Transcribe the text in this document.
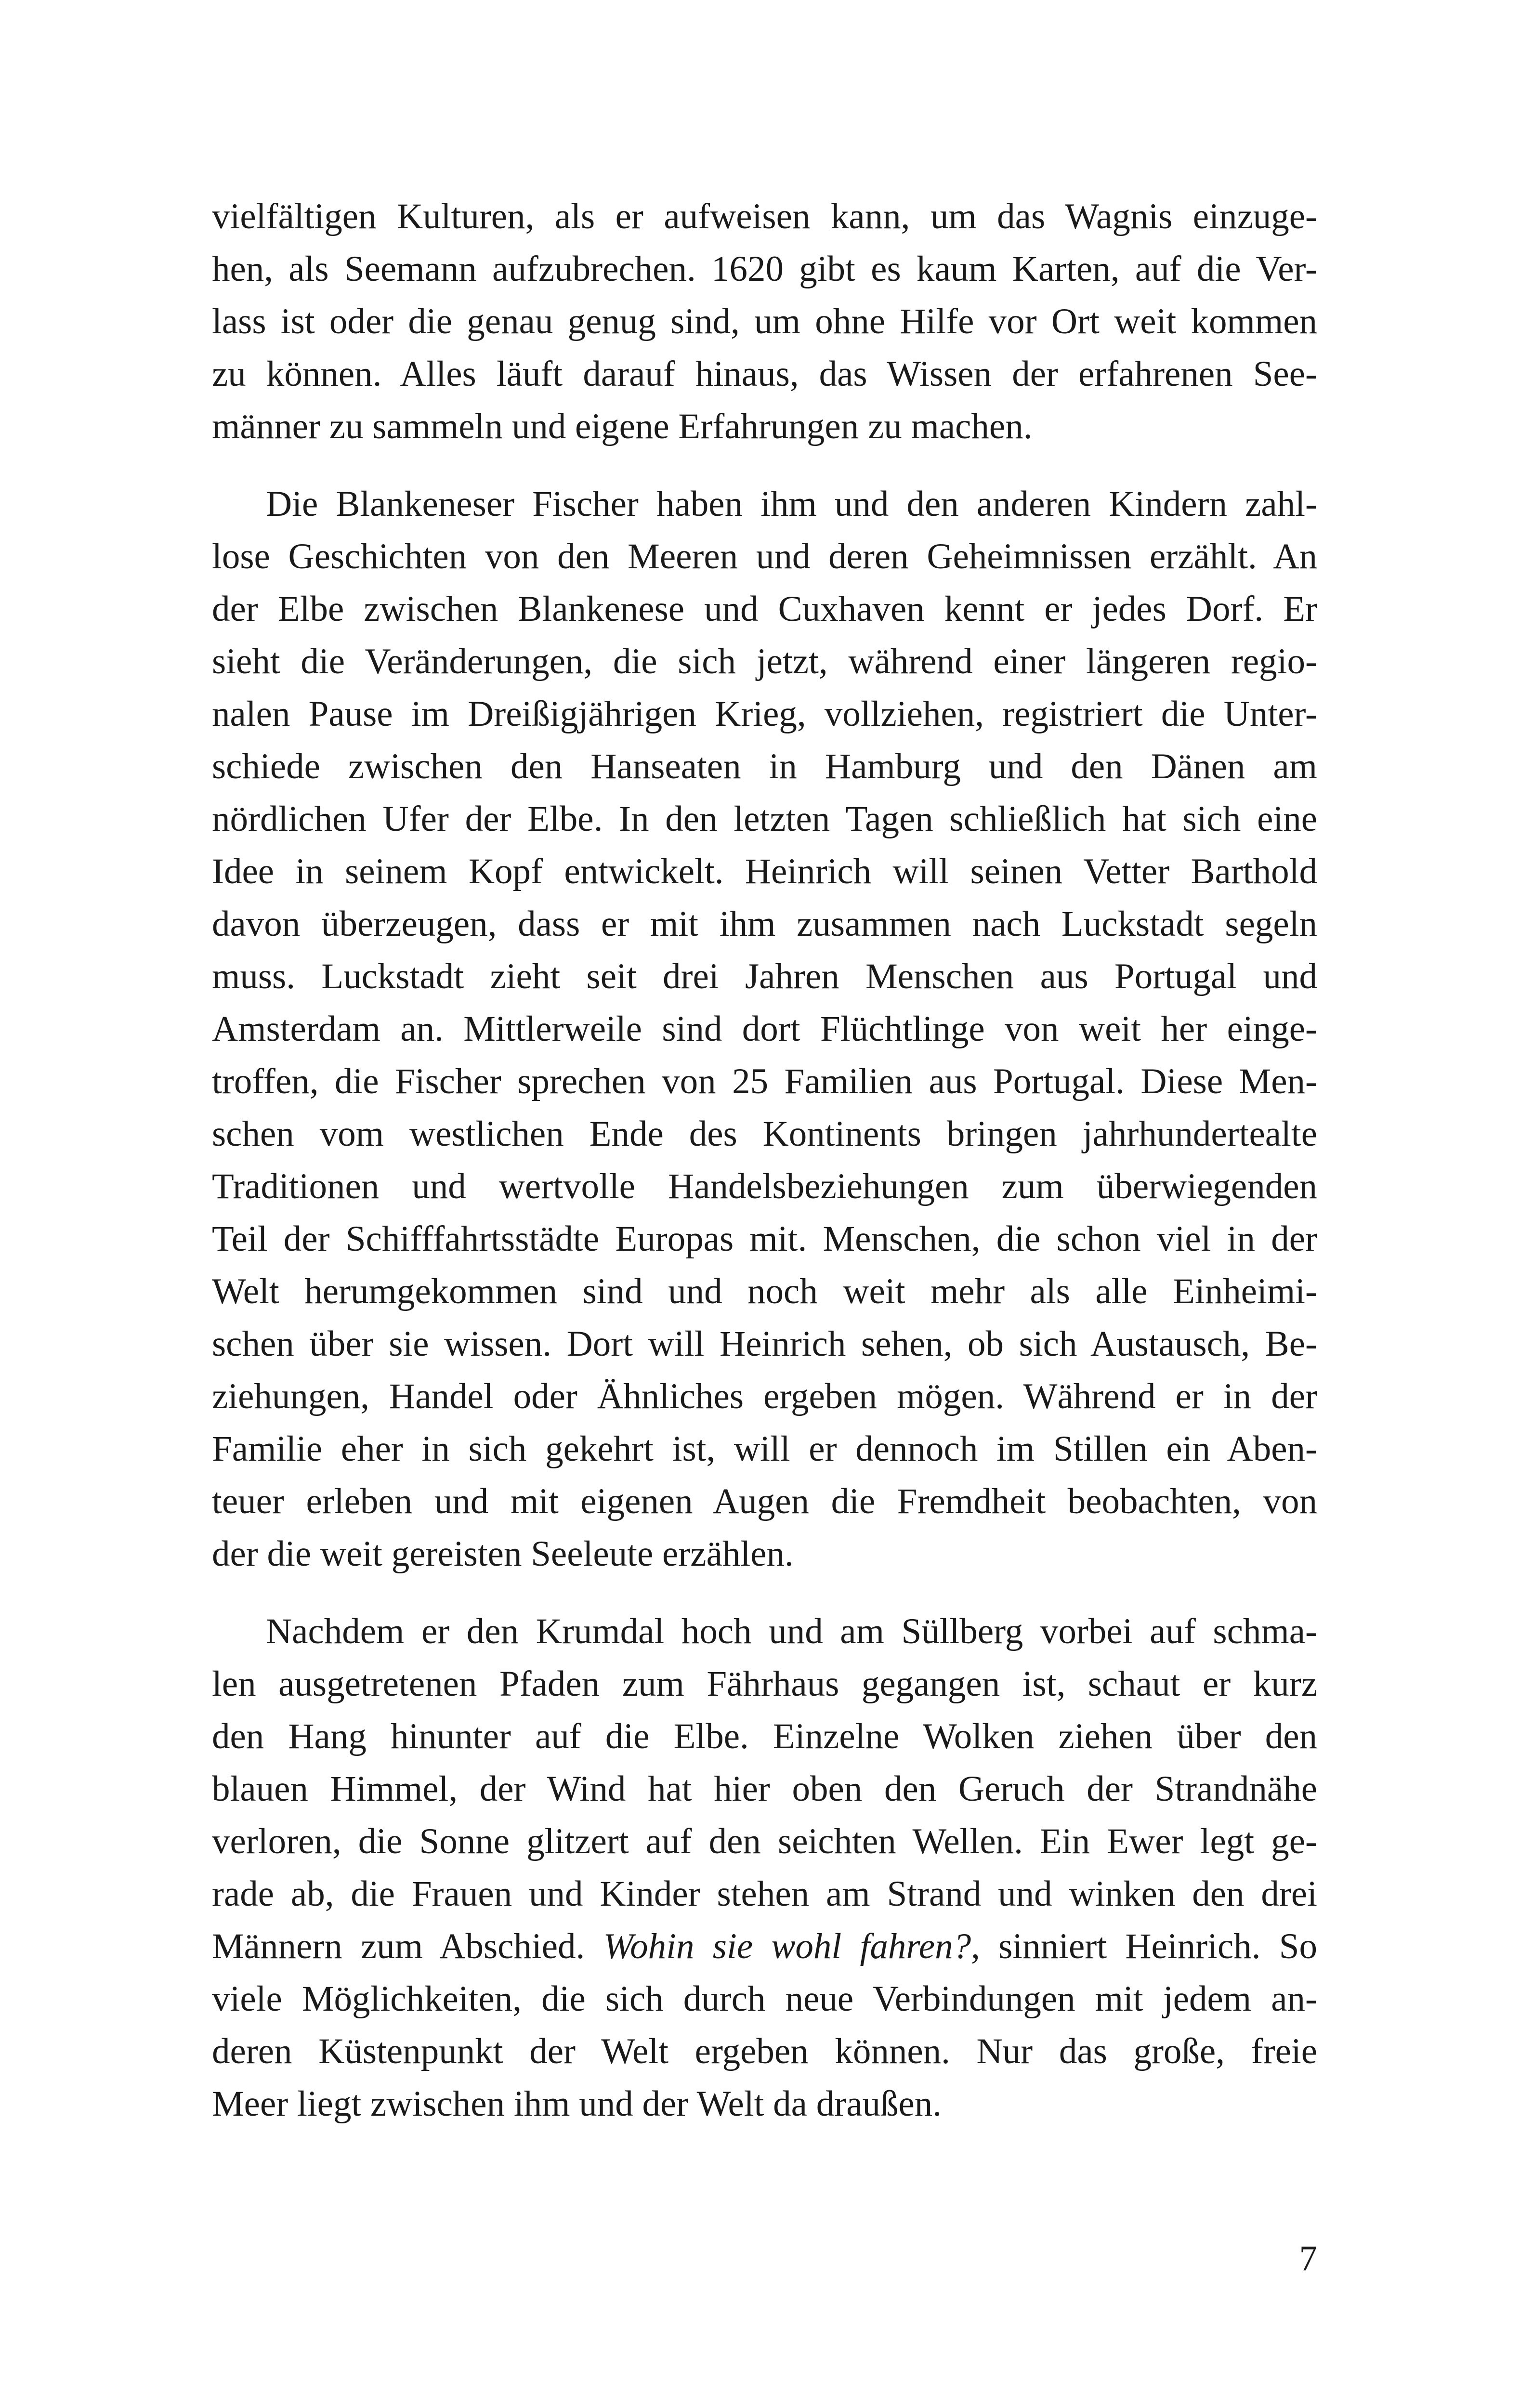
vielfältigen Kulturen, als er aufweisen kann, um das Wagnis einzuge-
hen, als Seemann aufzubrechen. 1620 gibt es kaum Karten, auf die Ver-
lass ist oder die genau genug sind, um ohne Hilfe vor Ort weit kommen
zu können. Alles läuft darauf hinaus, das Wissen der erfahrenen See-
männer zu sammeln und eigene Erfahrungen zu machen.

Die Blankeneser Fischer haben ihm und den anderen Kindern zahl-
lose Geschichten von den Meeren und deren Geheimnissen erzählt. An
der Elbe zwischen Blankenese und Cuxhaven kennt er jedes Dorf. Er
sieht die Veränderungen, die sich jetzt, während einer längeren regio-
nalen Pause im Dreißigjährigen Krieg, vollziehen, registriert die Unter-
schiede zwischen den Hanseaten in Hamburg und den Dänen am
nördlichen Ufer der Elbe. In den letzten Tagen schließlich hat sich eine
Idee in seinem Kopf entwickelt. Heinrich will seinen Vetter Barthold
davon überzeugen, dass er mit ihm zusammen nach Luckstadt segeln
muss. Luckstadt zieht seit drei Jahren Menschen aus Portugal und
Amsterdam an. Mittlerweile sind dort Flüchtlinge von weit her einge-
troffen, die Fischer sprechen von 25 Familien aus Portugal. Diese Men-
schen vom westlichen Ende des Kontinents bringen jahrhundertealte
Traditionen und wertvolle Handelsbeziehungen zum überwiegenden
Teil der Schifffahrtsstädte Europas mit. Menschen, die schon viel in der
Welt herumgekommen sind und noch weit mehr als alle Einheimi-
schen über sie wissen. Dort will Heinrich sehen, ob sich Austausch, Be-
ziehungen, Handel oder Ähnliches ergeben mögen. Während er in der
Familie eher in sich gekehrt ist, will er dennoch im Stillen ein Aben-
teuer erleben und mit eigenen Augen die Fremdheit beobachten, von
der die weit gereisten Seeleute erzählen.

Nachdem er den Krumdal hoch und am Süllberg vorbei auf schma-
len ausgetretenen Pfaden zum Fährhaus gegangen ist, schaut er kurz
den Hang hinunter auf die Elbe. Einzelne Wolken ziehen über den
blauen Himmel, der Wind hat hier oben den Geruch der Strandnähe
verloren, die Sonne glitzert auf den seichten Wellen. Ein Ewer legt ge-
rade ab, die Frauen und Kinder stehen am Strand und winken den drei
Männern zum Abschied. Wohin sie wohl fahren?, sinniert Heinrich. So
viele Möglichkeiten, die sich durch neue Verbindungen mit jedem an-
deren Küstenpunkt der Welt ergeben können. Nur das große, freie
Meer liegt zwischen ihm und der Welt da draußen.

7
